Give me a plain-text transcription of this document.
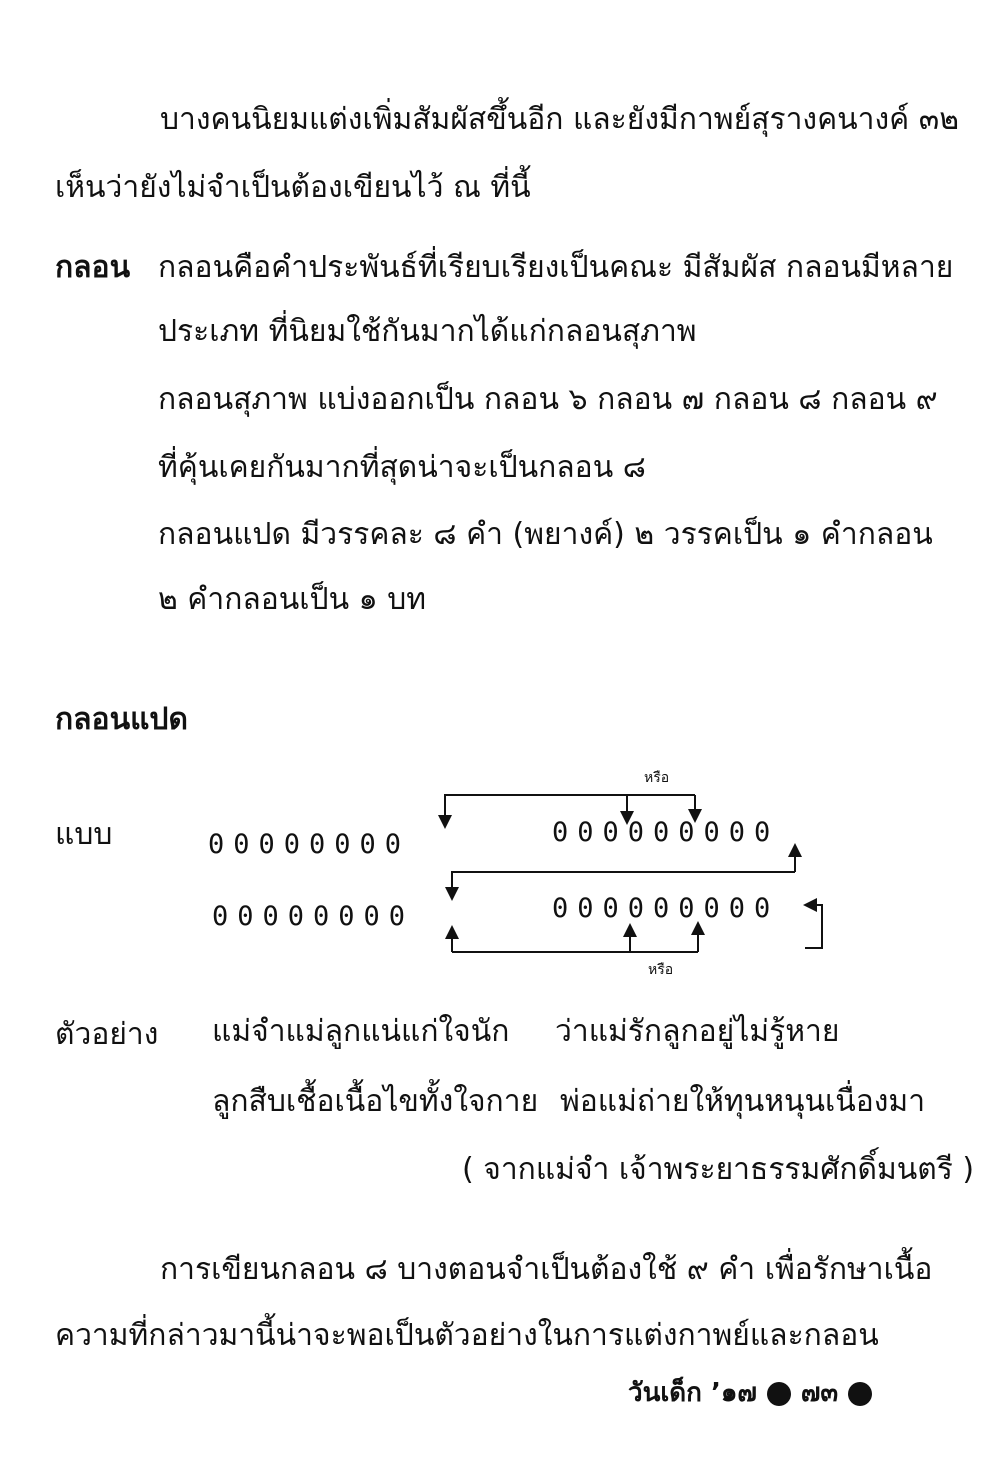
บางคนนิยมแต่งเพิ่มสัมผัสขึ้นอีก และยังมีกาพย์สุรางคนางค์ ๓๒
เห็นว่ายังไม่จำเป็นต้องเขียนไว้ ณ ที่นี้
กลอน กลอนคือคำประพันธ์ที่เรียบเรียงเป็นคณะ มีสัมผัส กลอนมีหลาย
ประเภท ที่นิยมใช้กันมากได้แก่กลอนสุภาพ
กลอนสุภาพ แบ่งออกเป็น กลอน ๖ กลอน ๗ กลอน ๘ กลอน ๙
ที่คุ้นเคยกันมากที่สุดน่าจะเป็นกลอน ๘
กลอนแปด มีวรรคละ ๘ คำ (พยางค์) ๒ วรรคเป็น ๑ คำกลอน
๒ คำกลอนเป็น ๑ บท
กลอนแปด
แบบ	00000000	000000000
00000000	000000000
หรือ
หรือ
ตัวอย่าง แม่จำแม่ลูกแน่แก่ใจนัก ว่าแม่รักลูกอยู่ไม่รู้หาย
ลูกสืบเชื้อเนื้อไขทั้งใจกาย พ่อแม่ถ่ายให้ทุนหนุนเนื่องมา
( จากแม่จำ เจ้าพระยาธรรมศักดิ์มนตรี )
การเขียนกลอน ๘ บางตอนจำเป็นต้องใช้ ๙ คำ เพื่อรักษาเนื้อ
ความที่กล่าวมานี้น่าจะพอเป็นตัวอย่างในการแต่งกาพย์และกลอน
วันเด็ก ’๑๗ ๗๓
